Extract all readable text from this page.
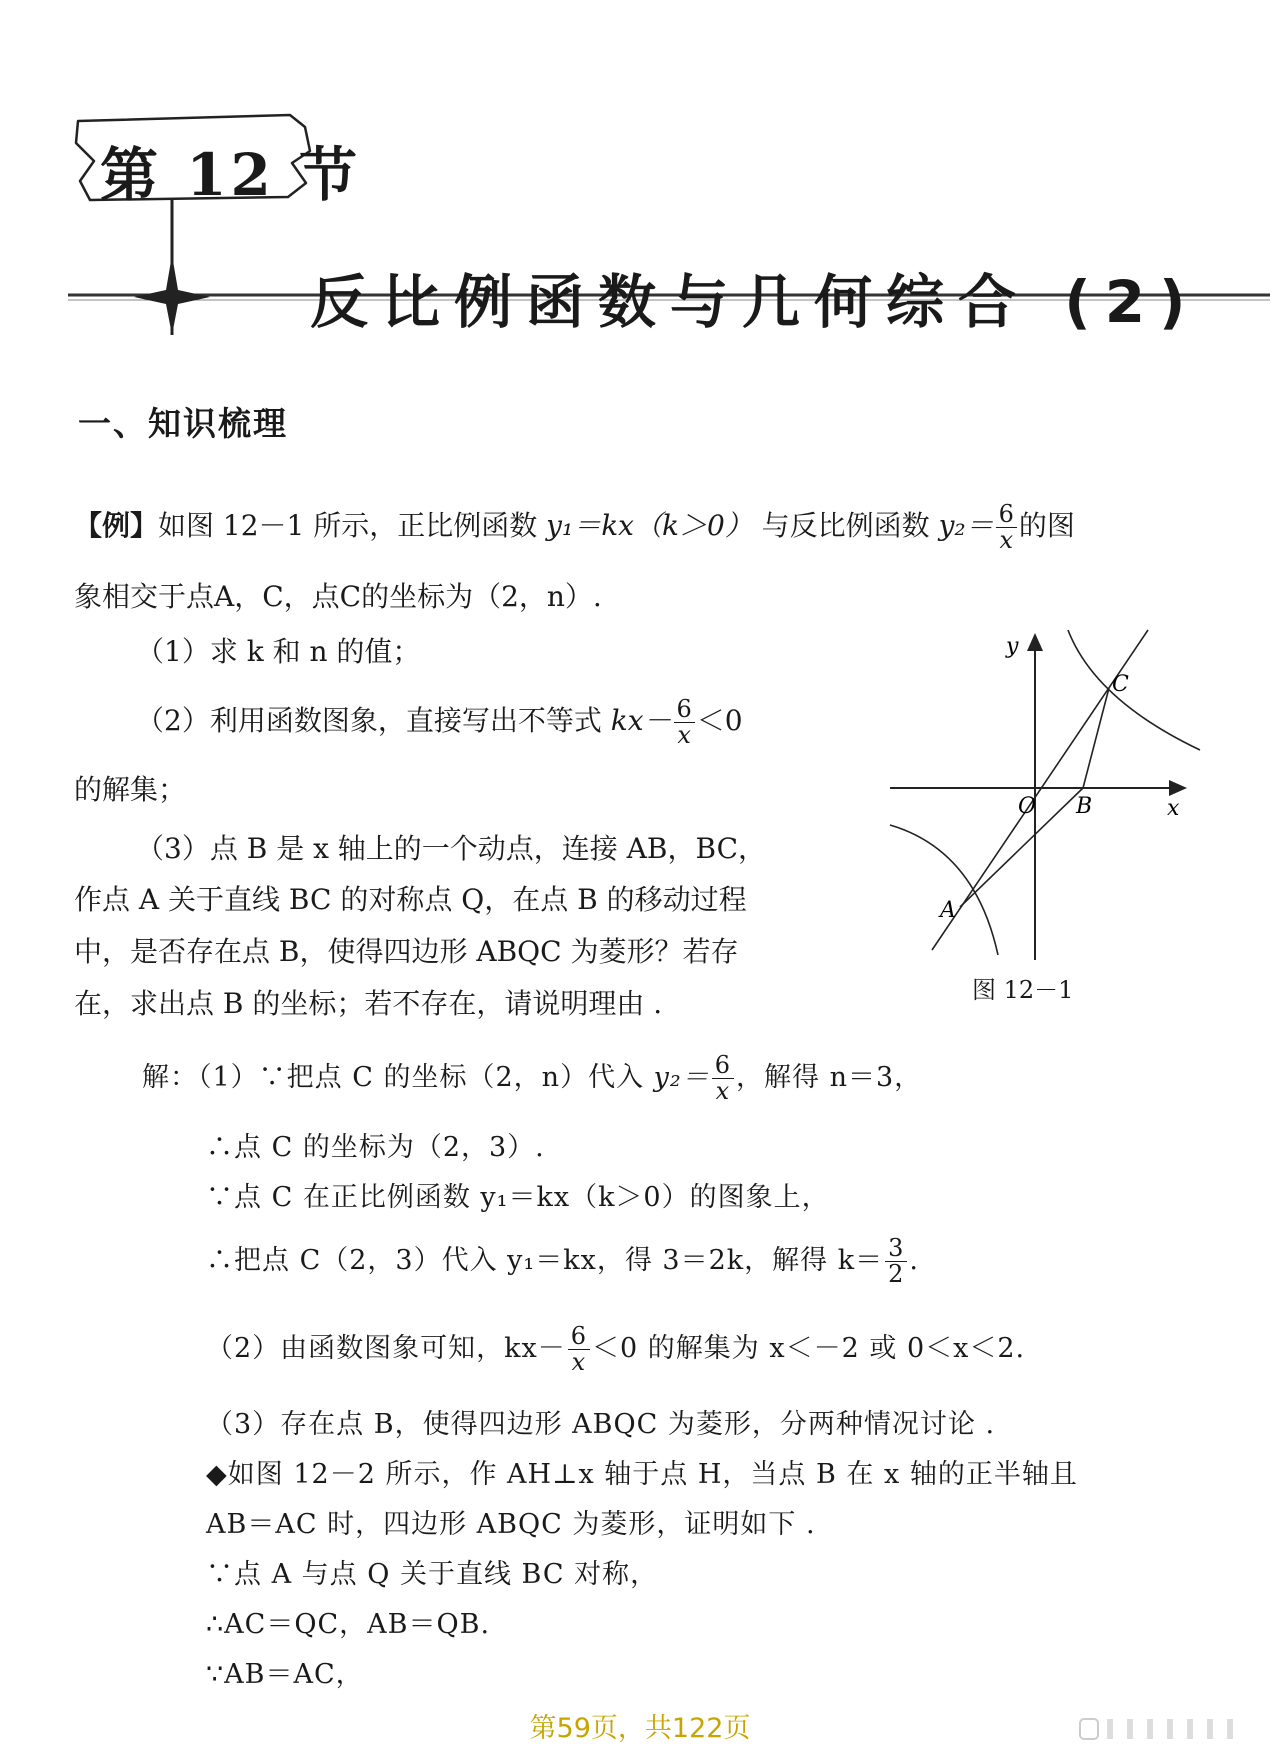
第 12 节
反比例函数与几何综合 (2)
一、知识梳理
【例】如图 12－1 所示，正比例函数 y₁＝kx（k＞0） 与反比例函数 $y_2= \frac{6}{x}$ 的图
象相交于点A，C，点C的坐标为（2，n）.
（1）求 k 和 n 的值；
（2）利用函数图象，直接写出不等式 $kx- \frac{6}{x} <0$
的解集；
（3）点 B 是 x 轴上的一个动点，连接 AB，BC，
作点 A 关于直线 BC 的对称点 Q，在点 B 的移动过程
中，是否存在点 B，使得四边形 ABQC 为菱形？若存
在，求出点 B 的坐标；若不存在，请说明理由 .
y
x
O B
C
A
图 12－1
解：（1）∵把点 C 的坐标（2，n）代入 $y_2= \frac{6}{x}$ ，解得 n＝3，
∴点 C 的坐标为（2，3）.
∵点 C 在正比例函数 y₁＝kx（k＞0）的图象上，
∴把点 C（2，3）代入 y₁＝kx，得 3＝2k，解得 $k= \frac{3}{2}$ .
（2）由函数图象可知，$kx- \frac{6}{x} <0$ 的解集为 x＜－2 或 0＜x＜2.
（3）存在点 B，使得四边形 ABQC 为菱形，分两种情况讨论 .
◆如图 12－2 所示，作 AH⊥x 轴于点 H，当点 B 在 x 轴的正半轴且
AB＝AC 时，四边形 ABQC 为菱形，证明如下 .
∵点 A 与点 Q 关于直线 BC 对称，
∴AC＝QC，AB＝QB.
∵AB＝AC，
第59页，共122页
